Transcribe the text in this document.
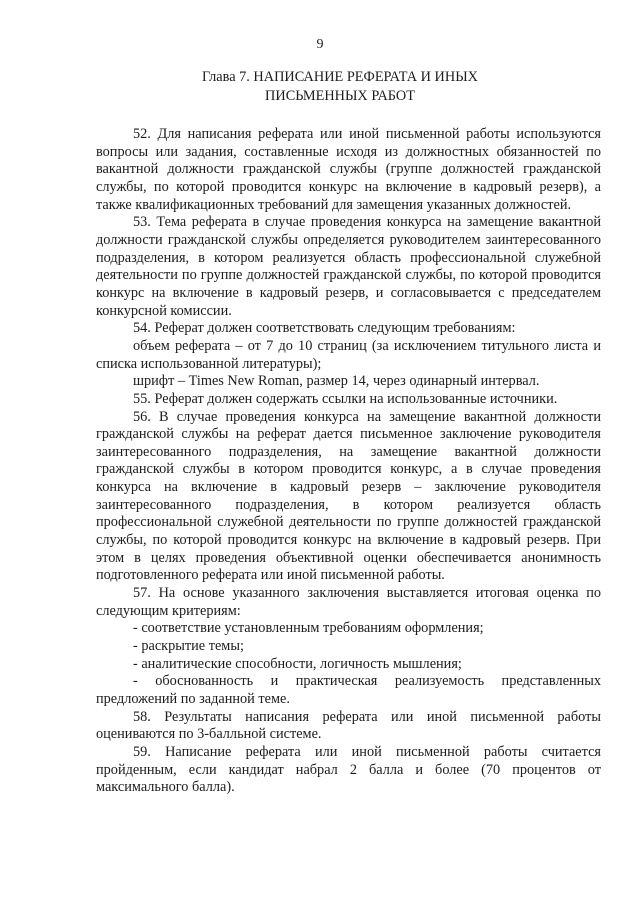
9
Глава 7. НАПИСАНИЕ РЕФЕРАТА И ИНЫХ
ПИСЬМЕННЫХ РАБОТ

52. Для написания реферата или иной письменной работы используются вопросы или задания, составленные исходя из должностных обязанностей по вакантной должности гражданской службы (группе должностей гражданской службы, по которой проводится конкурс на включение в кадровый резерв), а также квалификационных требований для замещения указанных должностей.

53. Тема реферата в случае проведения конкурса на замещение вакантной должности гражданской службы определяется руководителем заинтересованного подразделения, в котором реализуется область профессиональной служебной деятельности по группе должностей гражданской службы, по которой проводится конкурс на включение в кадровый резерв, и согласовывается с председателем конкурсной комиссии.

54. Реферат должен соответствовать следующим требованиям:

объем реферата – от 7 до 10 страниц (за исключением титульного листа и списка использованной литературы);

шрифт – Times New Roman, размер 14, через одинарный интервал.

55. Реферат должен содержать ссылки на использованные источники.

56. В случае проведения конкурса на замещение вакантной должности гражданской службы на реферат дается письменное заключение руководителя заинтересованного подразделения, на замещение вакантной должности гражданской службы в котором проводится конкурс, а в случае проведения конкурса на включение в кадровый резерв – заключение руководителя заинтересованного подразделения, в котором реализуется область профессиональной служебной деятельности по группе должностей гражданской службы, по которой проводится конкурс на включение в кадровый резерв. При этом в целях проведения объективной оценки обеспечивается анонимность подготовленного реферата или иной письменной работы.

57. На основе указанного заключения выставляется итоговая оценка по следующим критериям:

- соответствие установленным требованиям оформления;

- раскрытие темы;

- аналитические способности, логичность мышления;

- обоснованность и практическая реализуемость представленных предложений по заданной теме.

58. Результаты написания реферата или иной письменной работы оцениваются по 3-балльной системе.

59. Написание реферата или иной письменной работы считается пройденным, если кандидат набрал 2 балла и более (70 процентов от максимального балла).
